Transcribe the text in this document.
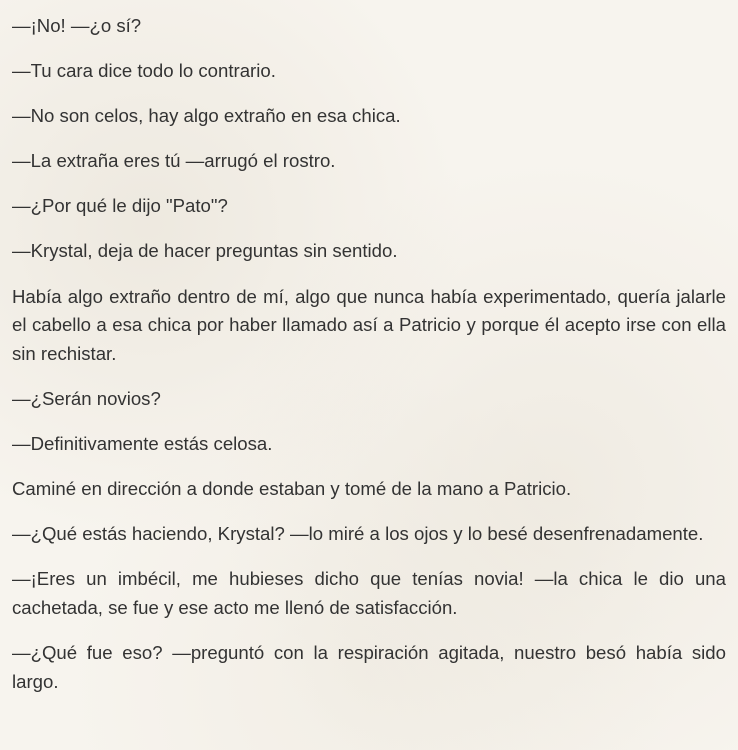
—¡No! —¿o sí?

—Tu cara dice todo lo contrario.

—No son celos, hay algo extraño en esa chica.

—La extraña eres tú —arrugó el rostro.

—¿Por qué le dijo "Pato"?

—Krystal, deja de hacer preguntas sin sentido.

Había algo extraño dentro de mí, algo que nunca había experimentado, quería jalarle el cabello a esa chica por haber llamado así a Patricio y porque él acepto irse con ella sin rechistar.

—¿Serán novios?

—Definitivamente estás celosa.

Caminé en dirección a donde estaban y tomé de la mano a Patricio.

—¿Qué estás haciendo, Krystal? —lo miré a los ojos y lo besé desenfrenadamente.

—¡Eres un imbécil, me hubieses dicho que tenías novia! —la chica le dio una cachetada, se fue y ese acto me llenó de satisfacción.

—¿Qué fue eso? —preguntó con la respiración agitada, nuestro besó había sido largo.
